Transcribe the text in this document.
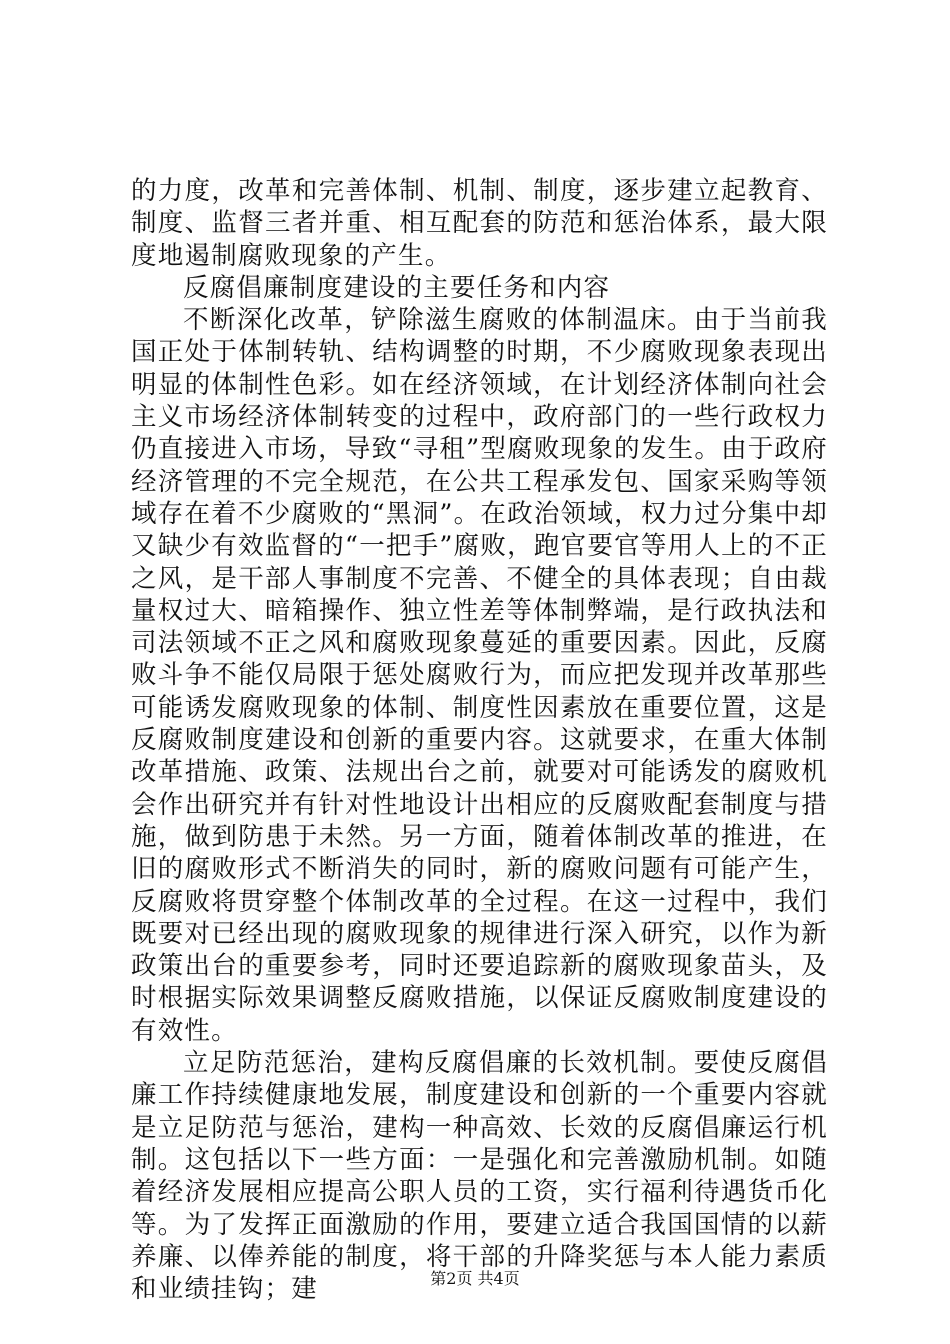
的力度，改革和完善体制、机制、制度，逐步建立起教育、制度、监督三者并重、相互配套的防范和惩治体系，最大限度地遏制腐败现象的产生。

反腐倡廉制度建设的主要任务和内容

不断深化改革，铲除滋生腐败的体制温床。由于当前我国正处于体制转轨、结构调整的时期，不少腐败现象表现出明显的体制性色彩。如在经济领域，在计划经济体制向社会主义市场经济体制转变的过程中，政府部门的一些行政权力仍直接进入市场，导致“寻租”型腐败现象的发生。由于政府经济管理的不完全规范，在公共工程承发包、国家采购等领域存在着不少腐败的“黑洞”。在政治领域，权力过分集中却又缺少有效监督的“一把手”腐败，跑官要官等用人上的不正之风，是干部人事制度不完善、不健全的具体表现；自由裁量权过大、暗箱操作、独立性差等体制弊端，是行政执法和司法领域不正之风和腐败现象蔓延的重要因素。因此，反腐败斗争不能仅局限于惩处腐败行为，而应把发现并改革那些可能诱发腐败现象的体制、制度性因素放在重要位置，这是反腐败制度建设和创新的重要内容。这就要求，在重大体制改革措施、政策、法规出台之前，就要对可能诱发的腐败机会作出研究并有针对性地设计出相应的反腐败配套制度与措施，做到防患于未然。另一方面，随着体制改革的推进，在旧的腐败形式不断消失的同时，新的腐败问题有可能产生，反腐败将贯穿整个体制改革的全过程。在这一过程中，我们既要对已经出现的腐败现象的规律进行深入研究，以作为新政策出台的重要参考，同时还要追踪新的腐败现象苗头，及时根据实际效果调整反腐败措施，以保证反腐败制度建设的有效性。

立足防范惩治，建构反腐倡廉的长效机制。要使反腐倡廉工作持续健康地发展，制度建设和创新的一个重要内容就是立足防范与惩治，建构一种高效、长效的反腐倡廉运行机制。这包括以下一些方面：一是强化和完善激励机制。如随着经济发展相应提高公职人员的工资，实行福利待遇货币化等。为了发挥正面激励的作用，要建立适合我国国情的以薪养廉、以俸养能的制度，将干部的升降奖惩与本人能力素质和业绩挂钩；建	第2页 共4页
